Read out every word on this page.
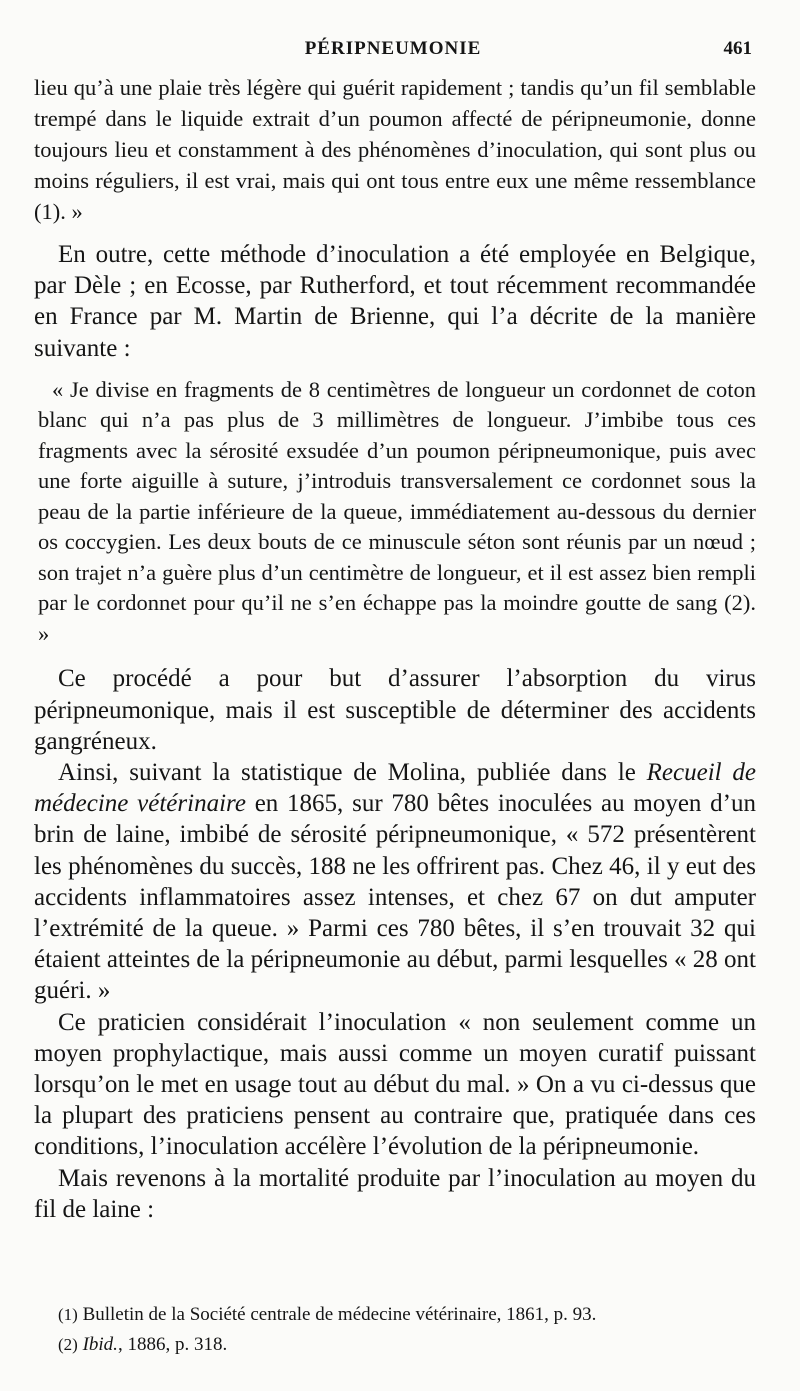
PÉRIPNEUMONIE	461

lieu qu’à une plaie très légère qui guérit rapidement ; tandis qu’un fil semblable trempé dans le liquide extrait d’un poumon affecté de péripneumonie, donne toujours lieu et constamment à des phénomènes d’inoculation, qui sont plus ou moins réguliers, il est vrai, mais qui ont tous entre eux une même ressemblance (1). »

En outre, cette méthode d’inoculation a été employée en Belgique, par Dèle ; en Ecosse, par Rutherford, et tout récemment recommandée en France par M. Martin de Brienne, qui l’a décrite de la manière suivante :

« Je divise en fragments de 8 centimètres de longueur un cordonnet de coton blanc qui n’a pas plus de 3 millimètres de longueur. J’imbibe tous ces fragments avec la sérosité exsudée d’un poumon péripneumonique, puis avec une forte aiguille à suture, j’introduis transversalement ce cordonnet sous la peau de la partie inférieure de la queue, immédiatement au-dessous du dernier os coccygien. Les deux bouts de ce minuscule séton sont réunis par un nœud ; son trajet n’a guère plus d’un centimètre de longueur, et il est assez bien rempli par le cordonnet pour qu’il ne s’en échappe pas la moindre goutte de sang (2). »

Ce procédé a pour but d’assurer l’absorption du virus péripneumonique, mais il est susceptible de déterminer des accidents gangréneux.

Ainsi, suivant la statistique de Molina, publiée dans le Recueil de médecine vétérinaire en 1865, sur 780 bêtes inoculées au moyen d’un brin de laine, imbibé de sérosité péripneumonique, « 572 présentèrent les phénomènes du succès, 188 ne les offrirent pas. Chez 46, il y eut des accidents inflammatoires assez intenses, et chez 67 on dut amputer l’extrémité de la queue. » Parmi ces 780 bêtes, il s’en trouvait 32 qui étaient atteintes de la péripneumonie au début, parmi lesquelles « 28 ont guéri. »

Ce praticien considérait l’inoculation « non seulement comme un moyen prophylactique, mais aussi comme un moyen curatif puissant lorsqu’on le met en usage tout au début du mal. » On a vu ci-dessus que la plupart des praticiens pensent au contraire que, pratiquée dans ces conditions, l’inoculation accélère l’évolution de la péripneumonie.

Mais revenons à la mortalité produite par l’inoculation au moyen du fil de laine :

(1) Bulletin de la Société centrale de médecine vétérinaire, 1861, p. 93.

(2) Ibid., 1886, p. 318.
